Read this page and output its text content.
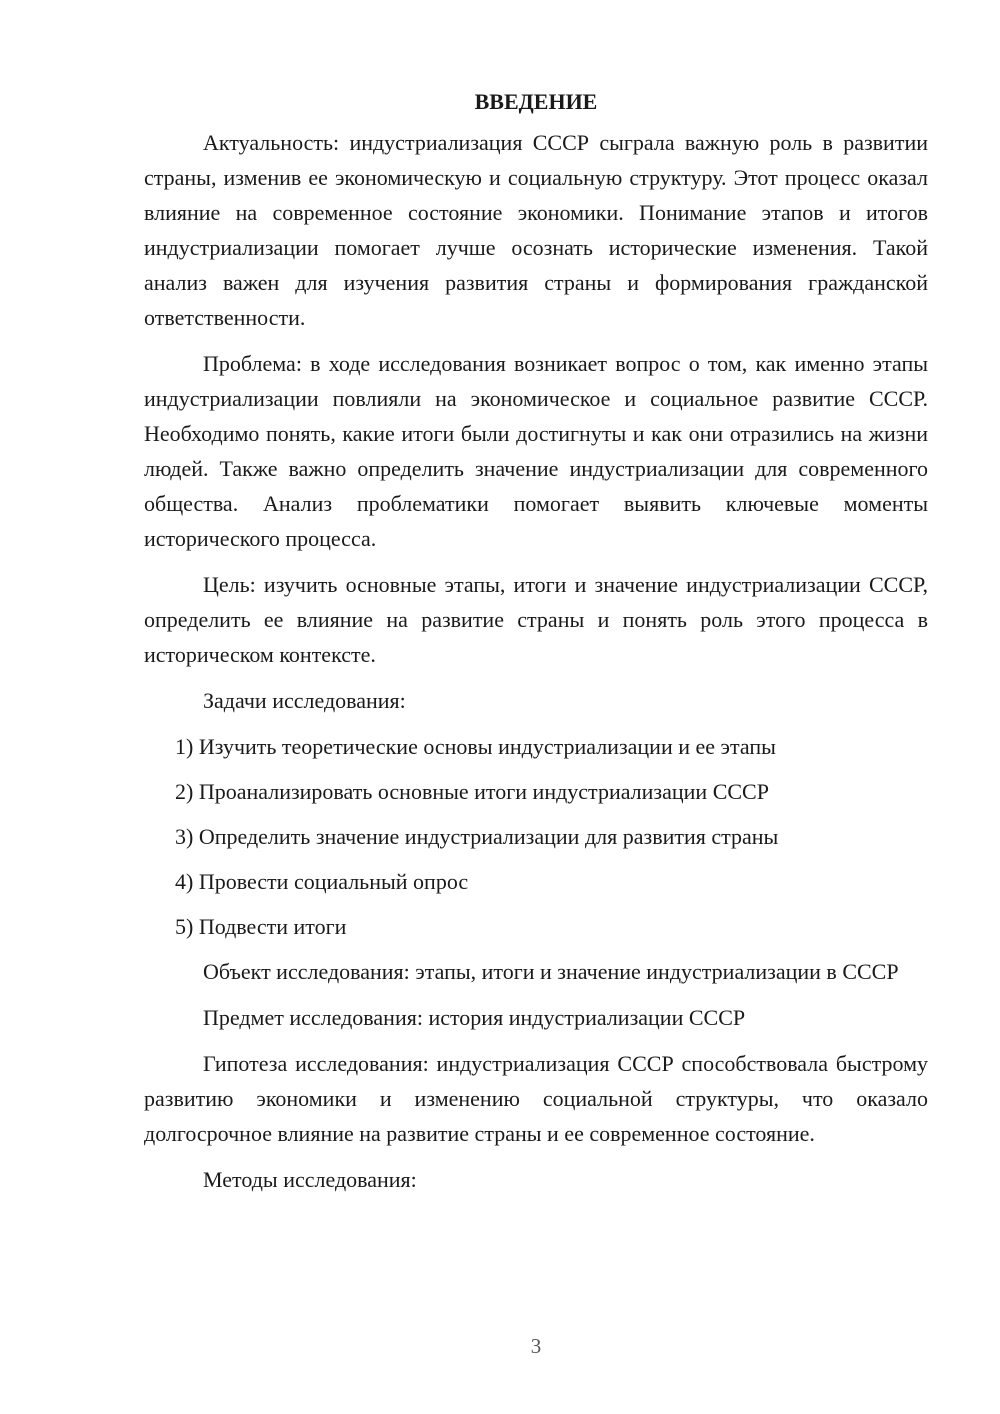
ВВЕДЕНИЕ

Актуальность: индустриализация СССР сыграла важную роль в развитии страны, изменив ее экономическую и социальную структуру. Этот процесс оказал влияние на современное состояние экономики. Понимание этапов и итогов индустриализации помогает лучше осознать исторические изменения. Такой анализ важен для изучения развития страны и формирования гражданской ответственности.

Проблема: в ходе исследования возникает вопрос о том, как именно этапы индустриализации повлияли на экономическое и социальное развитие СССР. Необходимо понять, какие итоги были достигнуты и как они отразились на жизни людей. Также важно определить значение индустриализации для современного общества. Анализ проблематики помогает выявить ключевые моменты исторического процесса.

Цель: изучить основные этапы, итоги и значение индустриализации СССР, определить ее влияние на развитие страны и понять роль этого процесса в историческом контексте.

Задачи исследования:

1) Изучить теоретические основы индустриализации и ее этапы
2) Проанализировать основные итоги индустриализации СССР
3) Определить значение индустриализации для развития страны
4) Провести социальный опрос
5) Подвести итоги

Объект исследования: этапы, итоги и значение индустриализации в СССР

Предмет исследования: история индустриализации СССР

Гипотеза исследования: индустриализация СССР способствовала быстрому развитию экономики и изменению социальной структуры, что оказало долгосрочное влияние на развитие страны и ее современное состояние.

Методы исследования:

3
